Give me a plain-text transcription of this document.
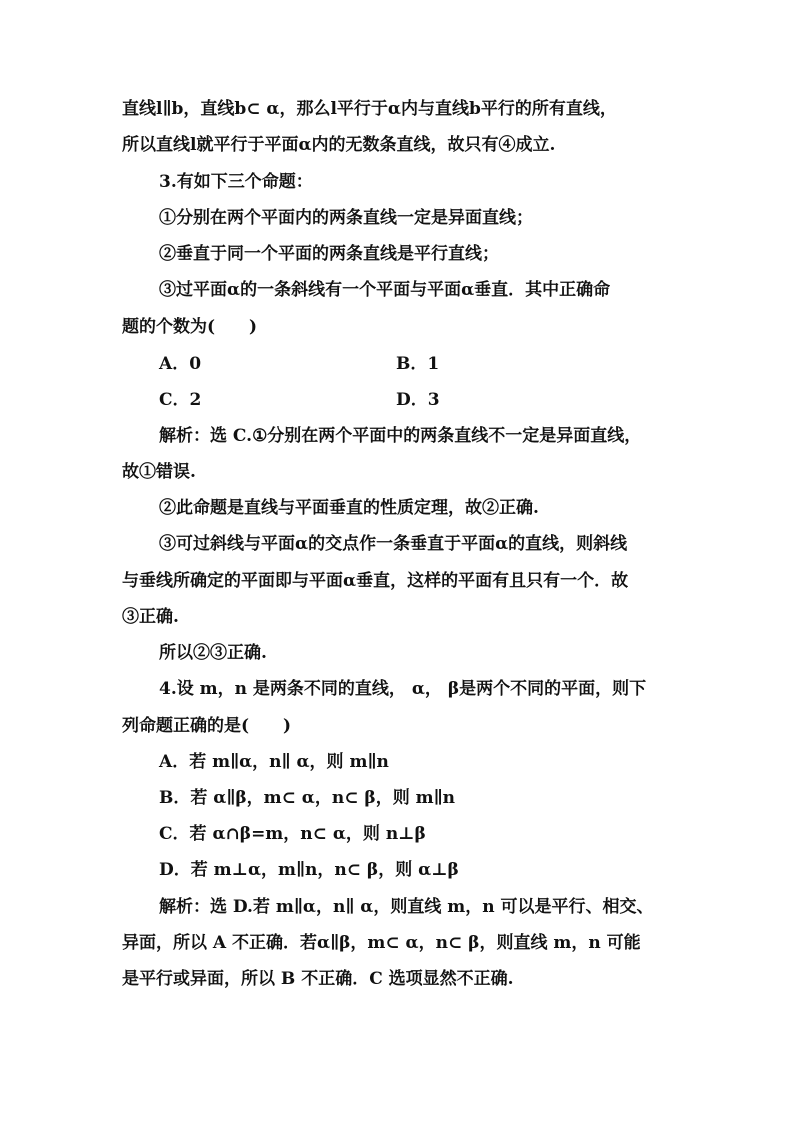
直线l∥b，直线b⊂ α，那么l平行于α内与直线b平行的所有直线，
所以直线l就平行于平面α内的无数条直线，故只有④成立.
3.有如下三个命题：
①分别在两个平面内的两条直线一定是异面直线；
②垂直于同一个平面的两条直线是平行直线；
③过平面α的一条斜线有一个平面与平面α垂直．其中正确命
题的个数为(　　)
A．0	B．1
C．2	D．3
解析：选 C.①分别在两个平面中的两条直线不一定是异面直线，
故①错误.
②此命题是直线与平面垂直的性质定理，故②正确.
③可过斜线与平面α的交点作一条垂直于平面α的直线，则斜线
与垂线所确定的平面即与平面α垂直，这样的平面有且只有一个．故
③正确.
所以②③正确.
4.设 m，n 是两条不同的直线， α， β是两个不同的平面，则下
列命题正确的是(　　)
A．若 m∥α，n∥ α，则 m∥n
B．若 α∥β，m⊂ α，n⊂ β，则 m∥n
C．若 α∩β=m，n⊂ α，则 n⊥β
D．若 m⊥α，m∥n，n⊂ β，则 α⊥β
解析：选 D.若 m∥α，n∥ α，则直线 m，n 可以是平行、相交、
异面，所以 A 不正确．若α∥β，m⊂ α，n⊂ β，则直线 m，n 可能
是平行或异面，所以 B 不正确．C 选项显然不正确.
